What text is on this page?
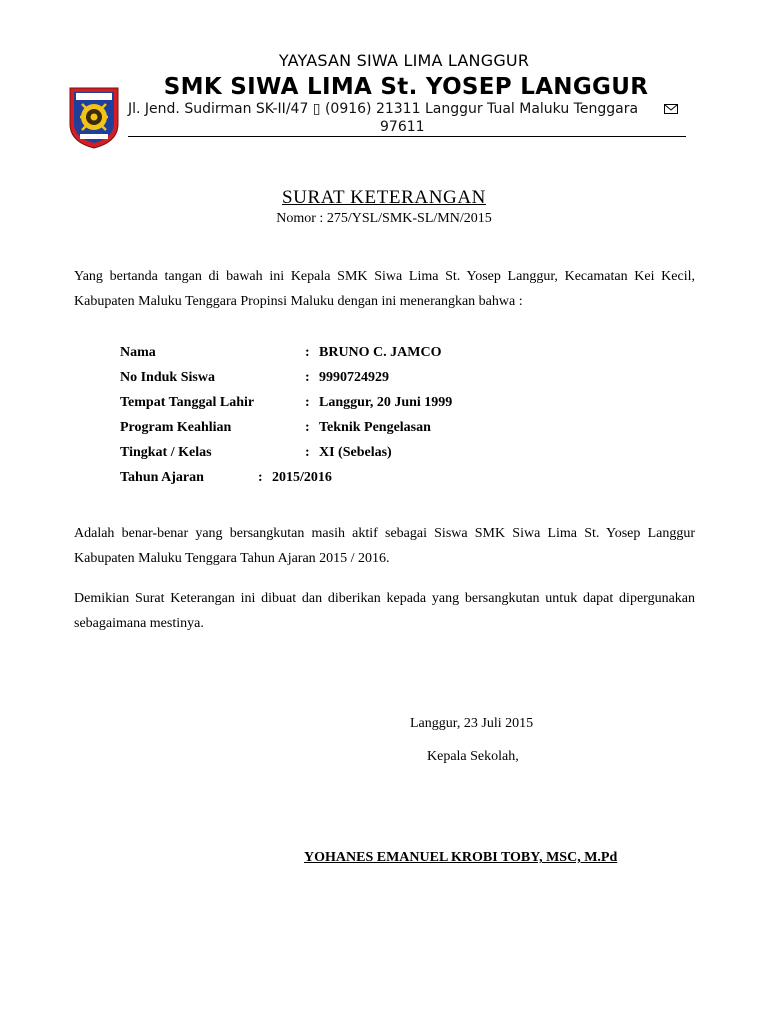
YAYASAN SIWA LIMA LANGGUR
SMK SIWA LIMA St. YOSEP LANGGUR
Jl. Jend. Sudirman SK-II/47 ▯ (0916) 21311 Langgur Tual Maluku Tenggara
97611
SURAT KETERANGAN
Nomor : 275/YSL/SMK-SL/MN/2015
Yang bertanda tangan di bawah ini Kepala SMK Siwa Lima St. Yosep Langgur, Kecamatan Kei Kecil, Kabupaten Maluku Tenggara Propinsi Maluku dengan ini menerangkan bahwa :
Nama	: BRUNO C. JAMCO
No Induk Siswa	: 9990724929
Tempat Tanggal Lahir	: Langgur, 20 Juni 1999
Program Keahlian	: Teknik Pengelasan
Tingkat / Kelas	: XI (Sebelas)
Tahun Ajaran	: 2015/2016
Adalah benar-benar yang bersangkutan masih aktif sebagai Siswa SMK Siwa Lima St. Yosep Langgur Kabupaten Maluku Tenggara Tahun Ajaran 2015 / 2016.
Demikian Surat Keterangan ini dibuat dan diberikan kepada yang bersangkutan untuk dapat dipergunakan sebagaimana mestinya.
Langgur, 23 Juli 2015
Kepala Sekolah,
YOHANES EMANUEL KROBI TOBY, MSC, M.Pd
